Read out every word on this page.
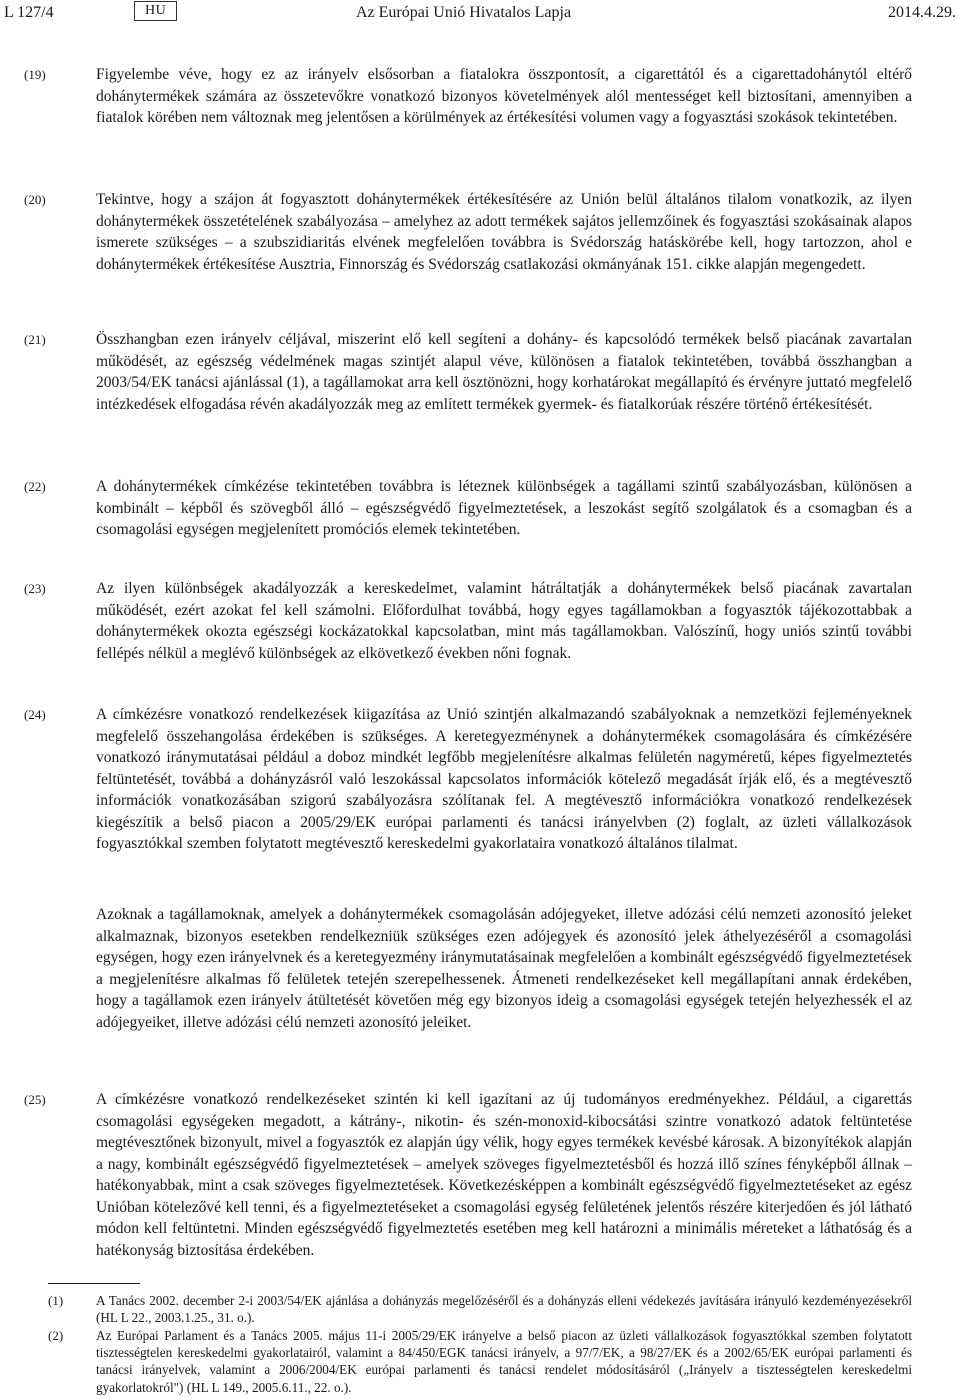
L 127/4	HU	Az Európai Unió Hivatalos Lapja	2014.4.29.
(19)	Figyelembe véve, hogy ez az irányelv elsősorban a fiatalokra összpontosít, a cigarettától és a cigarettadohánytól eltérő dohánytermékek számára az összetevőkre vonatkozó bizonyos követelmények alól mentességet kell biztosítani, amennyiben a fiatalok körében nem változnak meg jelentősen a körülmények az értékesítési volumen vagy a fogyasztási szokások tekintetében.
(20)	Tekintve, hogy a szájon át fogyasztott dohánytermékek értékesítésére az Unión belül általános tilalom vonatkozik, az ilyen dohánytermékek összetételének szabályozása – amelyhez az adott termékek sajátos jellemzőinek és fogyasztási szokásainak alapos ismerete szükséges – a szubszidiaritás elvének megfelelően továbbra is Svédország hatáskörébe kell, hogy tartozzon, ahol e dohánytermékek értékesítése Ausztria, Finnország és Svédország csatlakozási okmányának 151. cikke alapján megengedett.
(21)	Összhangban ezen irányelv céljával, miszerint elő kell segíteni a dohány- és kapcsolódó termékek belső piacának zavartalan működését, az egészség védelmének magas szintjét alapul véve, különösen a fiatalok tekintetében, továbbá összhangban a 2003/54/EK tanácsi ajánlással (1), a tagállamokat arra kell ösztönözni, hogy korhatárokat megállapító és érvényre juttató megfelelő intézkedések elfogadása révén akadályozzák meg az említett termékek gyermek- és fiatalkorúak részére történő értékesítését.
(22)	A dohánytermékek címkézése tekintetében továbbra is léteznek különbségek a tagállami szintű szabályozásban, különösen a kombinált – képből és szövegből álló – egészségvédő figyelmeztetések, a leszokást segítő szolgálatok és a csomagban és a csomagolási egységen megjelenített promóciós elemek tekintetében.
(23)	Az ilyen különbségek akadályozzák a kereskedelmet, valamint hátráltatják a dohánytermékek belső piacának zavartalan működését, ezért azokat fel kell számolni. Előfordulhat továbbá, hogy egyes tagállamokban a fogyasztók tájékozottabbak a dohánytermékek okozta egészségi kockázatokkal kapcsolatban, mint más tagállamokban. Valószínű, hogy uniós szintű további fellépés nélkül a meglévő különbségek az elkövetkező években nőni fognak.
(24)	A címkézésre vonatkozó rendelkezések kiigazítása az Unió szintjén alkalmazandó szabályoknak a nemzetközi fejleményeknek megfelelő összehangolása érdekében is szükséges. A keretegyezménynek a dohánytermékek csomagolására és címkézésére vonatkozó iránymutatásai például a doboz mindkét legfőbb megjelenítésre alkalmas felületén nagyméretű, képes figyelmeztetés feltüntetését, továbbá a dohányzásról való leszokással kapcsolatos információk kötelező megadását írják elő, és a megtévesztő információk vonatkozásában szigorú szabályozásra szólítanak fel. A megtévesztő információkra vonatkozó rendelkezések kiegészítik a belső piacon a 2005/29/EK európai parlamenti és tanácsi irányelvben (2) foglalt, az üzleti vállalkozások fogyasztókkal szemben folytatott megtévesztő kereskedelmi gyakorlataira vonatkozó általános tilalmat.
Azoknak a tagállamoknak, amelyek a dohánytermékek csomagolásán adójegyeket, illetve adózási célú nemzeti azonosító jeleket alkalmaznak, bizonyos esetekben rendelkezniük szükséges ezen adójegyek és azonosító jelek áthelyezéséről a csomagolási egységen, hogy ezen irányelvnek és a keretegyezmény iránymutatásainak megfelelően a kombinált egészségvédő figyelmeztetések a megjelenítésre alkalmas fő felületek tetején szerepelhessenek. Átmeneti rendelkezéseket kell megállapítani annak érdekében, hogy a tagállamok ezen irányelv átültetését követően még egy bizonyos ideig a csomagolási egységek tetején helyezhessék el az adójegyeiket, illetve adózási célú nemzeti azonosító jeleiket.
(25)	A címkézésre vonatkozó rendelkezéseket szintén ki kell igazítani az új tudományos eredményekhez. Például, a cigarettás csomagolási egységeken megadott, a kátrány-, nikotin- és szén-monoxid-kibocsátási szintre vonatkozó adatok feltüntetése megtévesztőnek bizonyult, mivel a fogyasztók ez alapján úgy vélik, hogy egyes termékek kevésbé károsak. A bizonyítékok alapján a nagy, kombinált egészségvédő figyelmeztetések – amelyek szöveges figyelmeztetésből és hozzá illő színes fényképből állnak – hatékonyabbak, mint a csak szöveges figyelmeztetések. Következésképpen a kombinált egészségvédő figyelmeztetéseket az egész Unióban kötelezővé kell tenni, és a figyelmeztetéseket a csomagolási egység felületének jelentős részére kiterjedően és jól látható módon kell feltüntetni. Minden egészségvédő figyelmeztetés esetében meg kell határozni a minimális méreteket a láthatóság és a hatékonyság biztosítása érdekében.
(1) A Tanács 2002. december 2-i 2003/54/EK ajánlása a dohányzás megelőzéséről és a dohányzás elleni védekezés javítására irányuló kezdeményezésekről (HL L 22., 2003.1.25., 31. o.).
(2) Az Európai Parlament és a Tanács 2005. május 11-i 2005/29/EK irányelve a belső piacon az üzleti vállalkozások fogyasztókkal szemben folytatott tisztességtelen kereskedelmi gyakorlatairól, valamint a 84/450/EGK tanácsi irányelv, a 97/7/EK, a 98/27/EK és a 2002/65/EK európai parlamenti és tanácsi irányelvek, valamint a 2006/2004/EK európai parlamenti és tanácsi rendelet módosításáról („Irányelv a tisztességtelen kereskedelmi gyakorlatokról") (HL L 149., 2005.6.11., 22. o.).
